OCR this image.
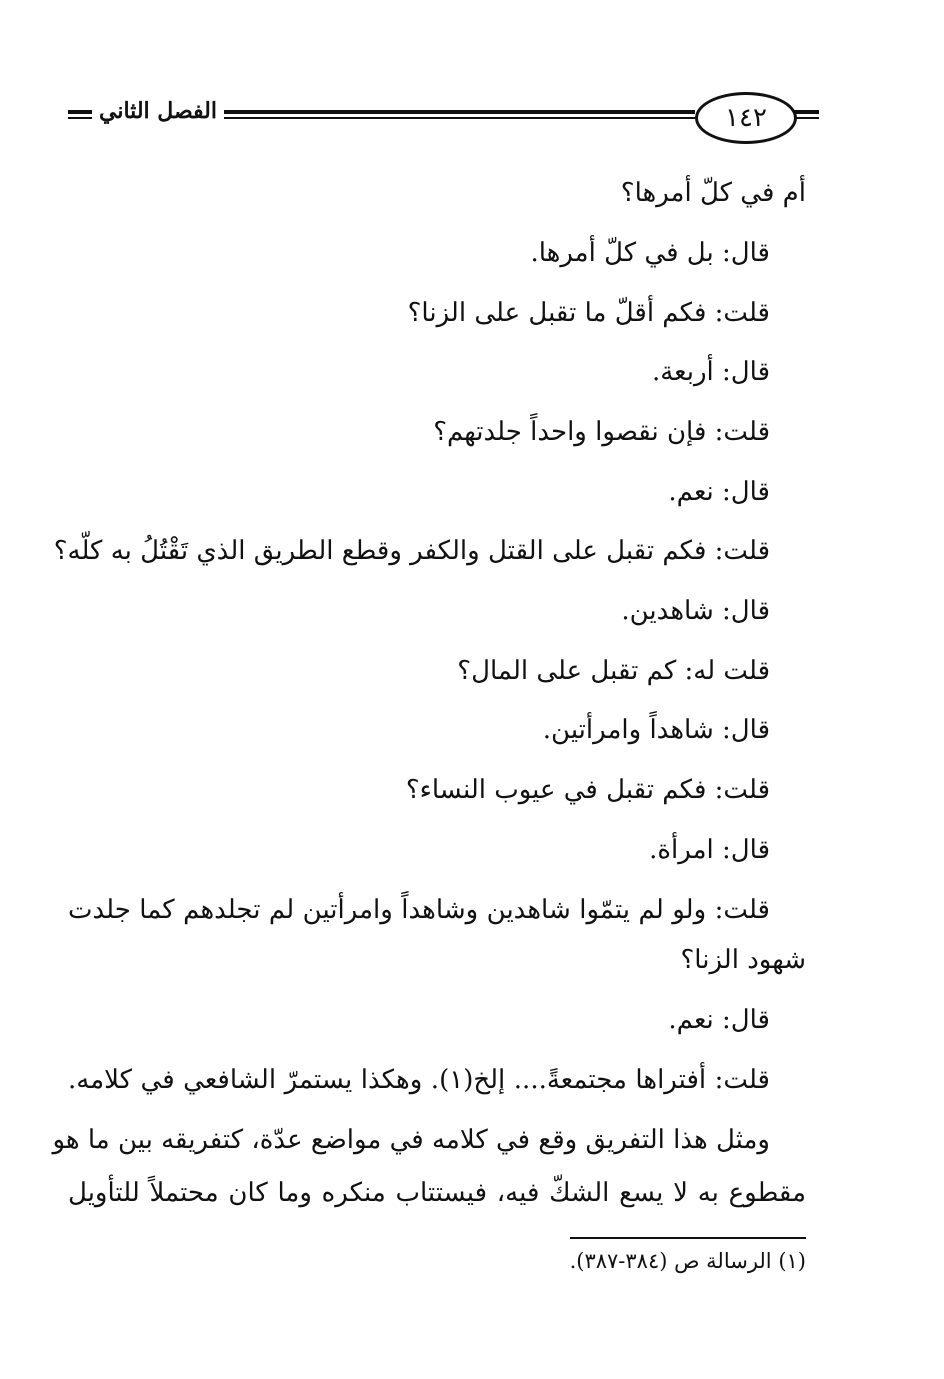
الفصل الثاني	١٤٢
أم في كلّ أمرها؟
قال: بل في كلّ أمرها.
قلت: فكم أقلّ ما تقبل على الزنا؟
قال: أربعة.
قلت: فإن نقصوا واحداً جلدتهم؟
قال: نعم.
قلت: فكم تقبل على القتل والكفر وقطع الطريق الذي تَقْتُلُ به كلّه؟
قال: شاهدين.
قلت له: كم تقبل على المال؟
قال: شاهداً وامرأتين.
قلت: فكم تقبل في عيوب النساء؟
قال: امرأة.
قلت: ولو لم يتمّوا شاهدين وشاهداً وامرأتين لم تجلدهم كما جلدت
شهود الزنا؟
قال: نعم.
قلت: أفتراها مجتمعةً.... إلخ(١). وهكذا يستمرّ الشافعي في كلامه.
ومثل هذا التفريق وقع في كلامه في مواضع عدّة، كتفريقه بين ما هو
مقطوع به لا يسع الشكّ فيه، فيستتاب منكره وما كان محتملاً للتأويل
(١) الرسالة ص (٣٨٤-٣٨٧).
